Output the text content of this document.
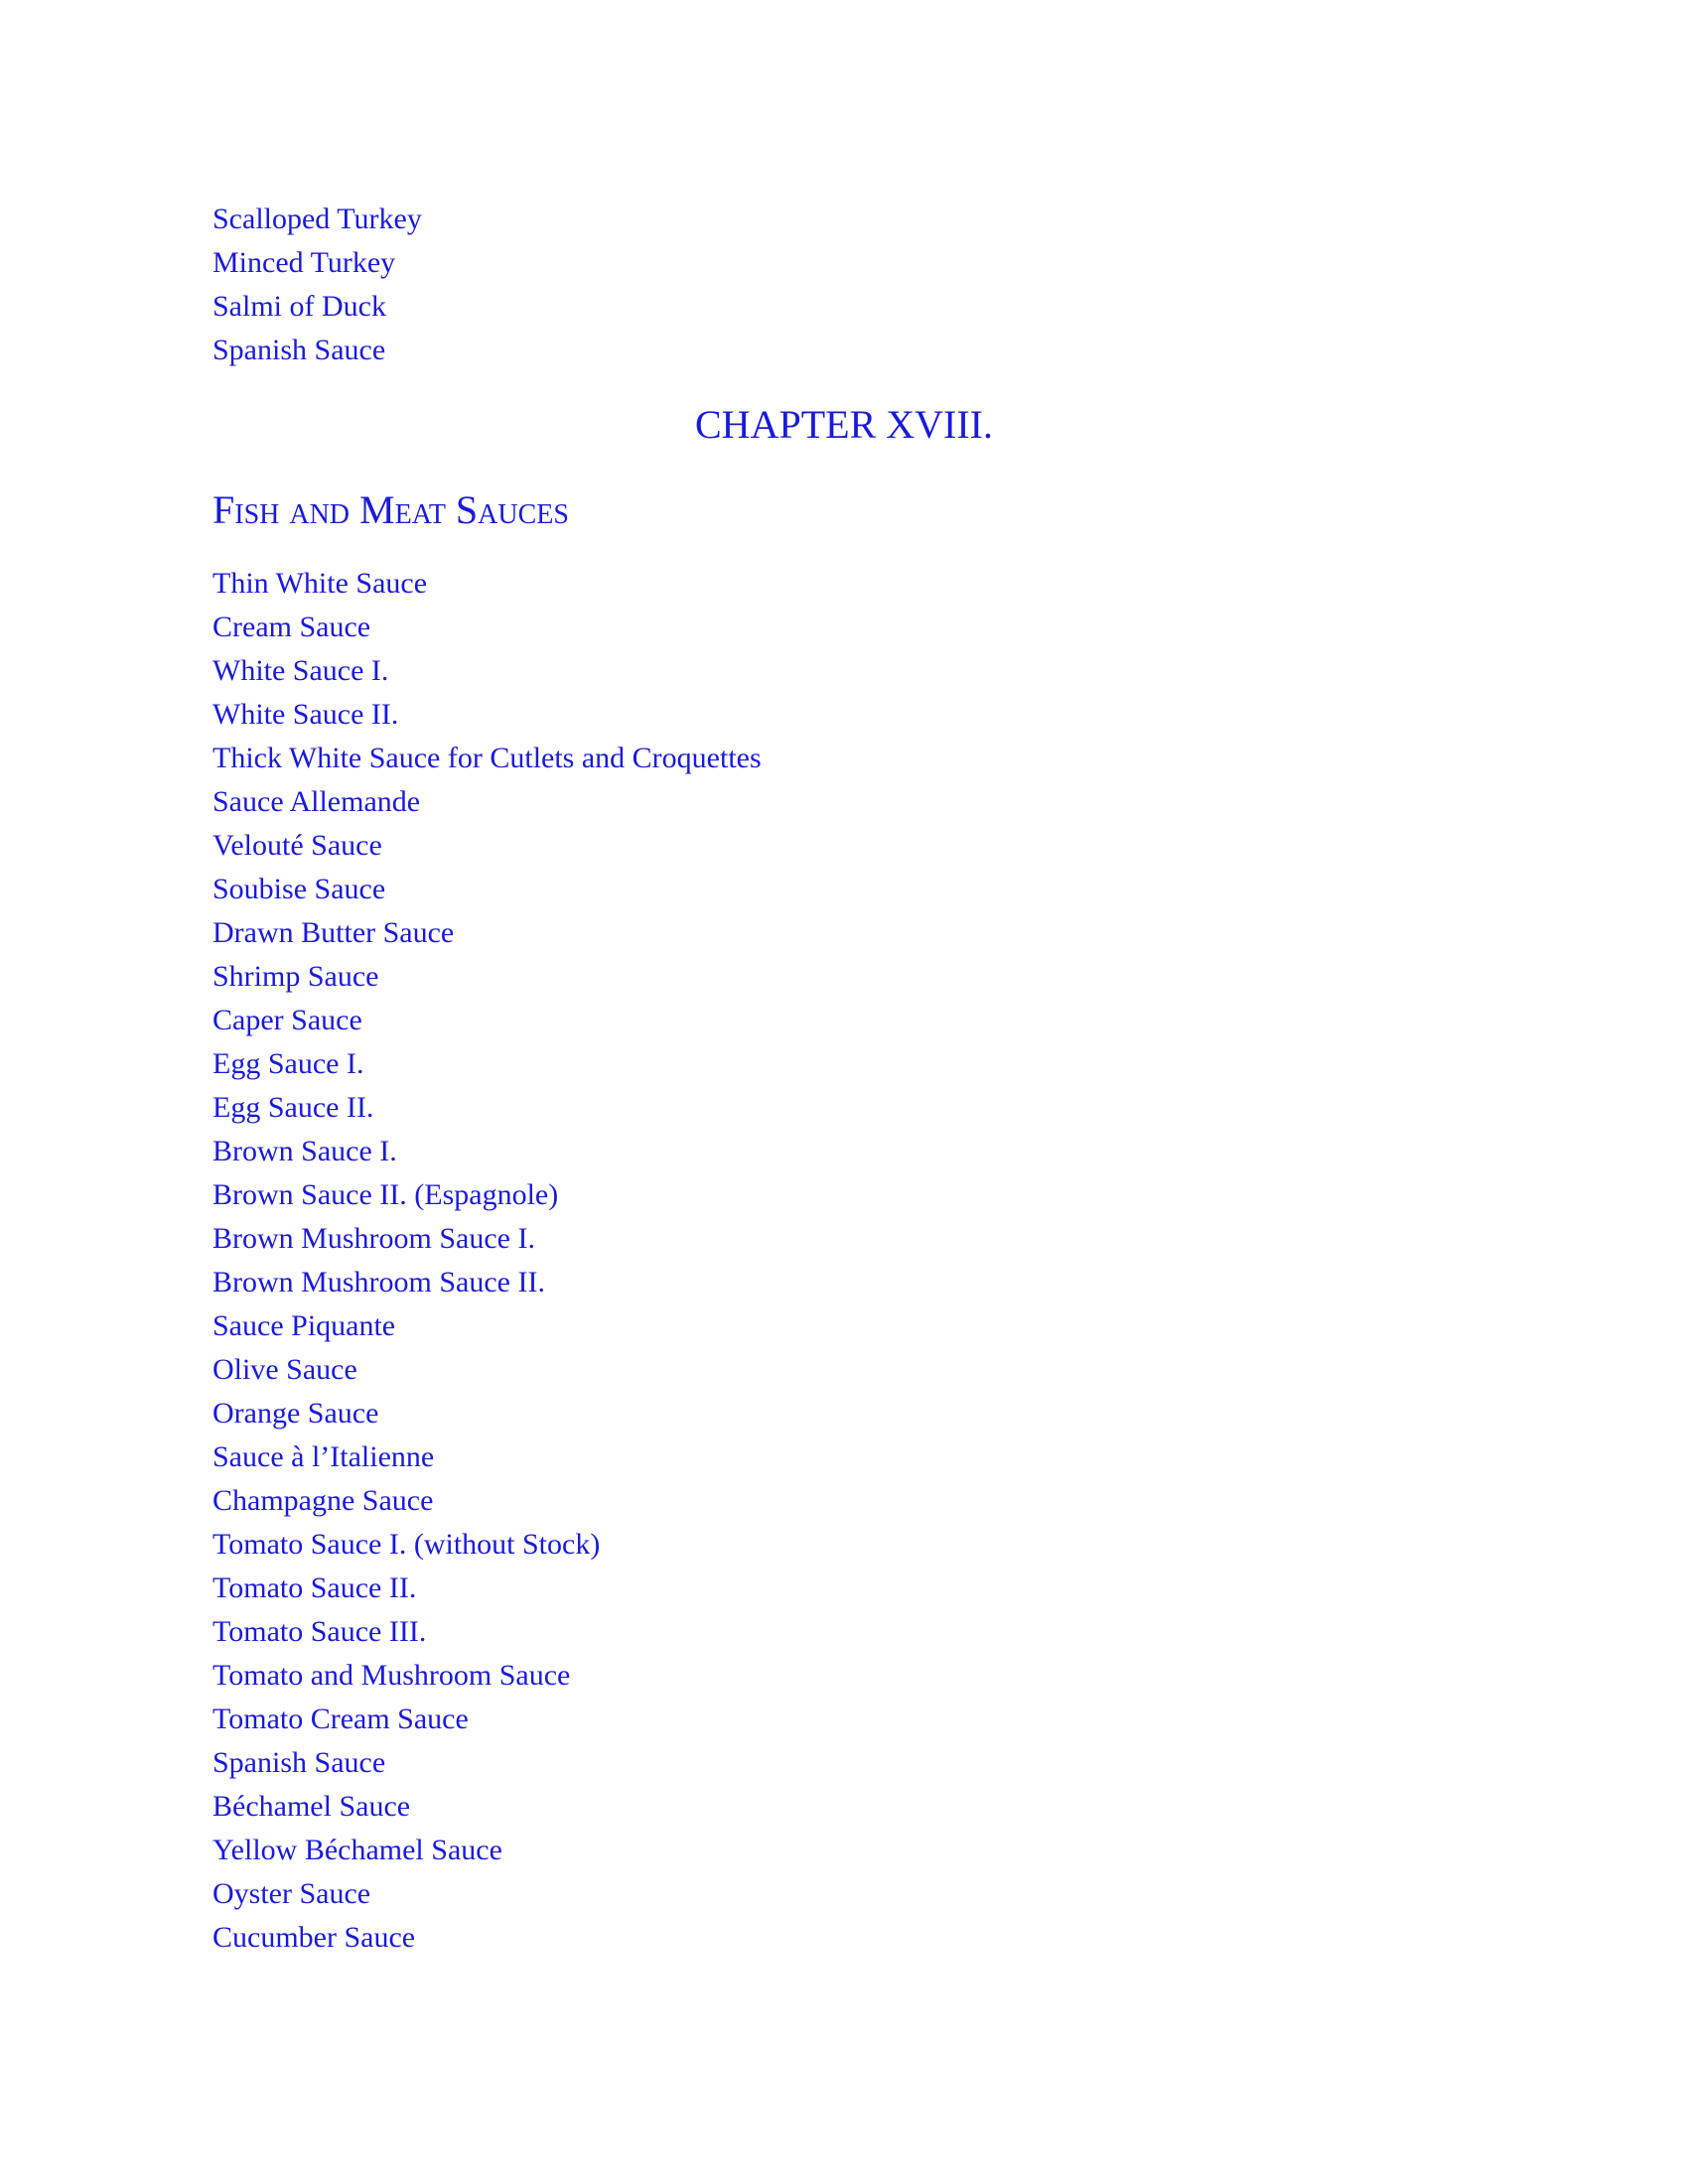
Scalloped Turkey
Minced Turkey
Salmi of Duck
Spanish Sauce
CHAPTER XVIII.
Fish and Meat Sauces
Thin White Sauce
Cream Sauce
White Sauce I.
White Sauce II.
Thick White Sauce for Cutlets and Croquettes
Sauce Allemande
Velouté Sauce
Soubise Sauce
Drawn Butter Sauce
Shrimp Sauce
Caper Sauce
Egg Sauce I.
Egg Sauce II.
Brown Sauce I.
Brown Sauce II. (Espagnole)
Brown Mushroom Sauce I.
Brown Mushroom Sauce II.
Sauce Piquante
Olive Sauce
Orange Sauce
Sauce à l’Italienne
Champagne Sauce
Tomato Sauce I. (without Stock)
Tomato Sauce II.
Tomato Sauce III.
Tomato and Mushroom Sauce
Tomato Cream Sauce
Spanish Sauce
Béchamel Sauce
Yellow Béchamel Sauce
Oyster Sauce
Cucumber Sauce
